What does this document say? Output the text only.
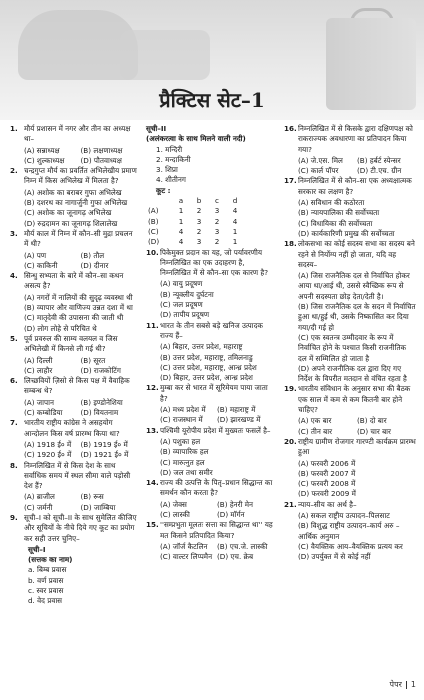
प्रैक्टिस सेट–1
1. मौर्य प्रशासन में नगर और तीन का अध्यक्ष था–
(A) सन्नाध्यक्ष	(B) लक्षणाध्यक्ष
(C) शुल्काध्यक्ष	(D) पौतवाध्यक्ष
2. चन्द्रगुप्त मौर्य का प्रवर्तित अभिलेखीय प्रमाण निम्न में किस अभिलेख में मिलता है?
(A) अशोक का बराबर गुफा अभिलेख
(B) दशरथ का नागार्जुनी गुफा अभिलेख
(C) अशोक का जूनागढ़ अभिलेख
(D) रुद्रदामन का जूनागढ़ शिलालेख
3. मौर्य काल में निम्न में कौन–सी मुद्रा प्रचलन में थी?
(A) पण	(B) तौल
(C) काकिनी	(D) दीनार
4. सिन्धु सभ्यता के बारे में कौन–सा कथन असत्य है?
(A) नगरों में नालियों की सुदृढ़ व्यवस्था थी
(B) व्यापार और वाणिज्य उन्नत दशा में था
(C) मातृदेवी की उपासना की जाती थी
(D) लोग लोहे से परिचित थे
5. पूर्व प्रवरुल की साम्य वलयल व जिस अभिलेखी में किनसे ली गई थी?
(A) दिल्ली	(B) सूरत
(C) लाहौर	(D) राजकोटिंग
6. लिच्छवियों ज़िसो से किस पक्ष में वैवाहिक सम्बन्ध थे?
(A) जापान	(B) इण्डोनेशिया
(C) कम्बोडिया	(D) वियतनाम
7. भारतीय राष्ट्रीय कांग्रेस ने असहयोग आन्दोलन किस वर्ष प्रारम्भ किया था?
(A) 1918 ई० में	(B) 1919 ई० में
(C) 1920 ई० में	(D) 1921 ई० में
8. निम्नलिखित में से किस देश के साथ सर्वाधिक समय में स्थल सीमा वाले पड़ोसी देश हैं?
(A) ब्राजील	(B) रूस
(C) जर्मनी	(D) जाम्बिया
9. सूची–I को सूची–II के साथ सुमेलित कीजिए और सूचियों के नीचे दिये गए कूट का प्रयोग कर सही उत्तर चुनिए–
सूची–I
(सत्तक का नाम)
a. बिम्ब प्रवास
b. वर्ण प्रवास
c. स्वर प्रवास
d. वेद प्रवास
सूची–II
(अलंकरत्वा के साथ मिलने वाली नदी)
1. मन्दिरी
2. मन्दाकिनी
3. शिप्रा
4. शीतीनग
कूट :
a	b	c	d
(A)	1	2	3	4
(B)	1	3	2	4
(C)	4	2	3	1
(D)	4	3	2	1
10. पिकेमुक्त प्रदान का यह, जो पर्यावरणीय निम्नलिखित का एक उदाहरण है, निम्नलिखित में से कौन–सा एक कारण है?
(A) वायु प्रदूषण
(B) न्यूक्लीय दुर्घटना
(C) जल प्रदूषण
(D) तापीय प्रदूषण
11. भारत के तीन सबसे बड़े खनिज उत्पादक राज्य हैं–
(A) बिहार, उत्तर प्रदेश, महाराष्ट्र
(B) उत्तर प्रदेश, महाराष्ट्र, तमिलनाडु
(C) उत्तर प्रदेश, महाराष्ट्र, आन्ध्र प्रदेश
(D) बिहार, उत्तर प्रदेश, आन्ध्र प्रदेश
12. मुम्बा कर से भारत में सूरिमेयम पाया जाता है?
(A) मध्य प्रदेश में	(B) महाराष्ट्र में
(C) राजस्थान में	(D) झारखण्ड में
13. पश्चिमी यूरोपीय प्रदेश में मुख्यतः फसलें है–
(A) पशुका हल
(B) व्यापारिक हल
(C) मारुत्नुत हल
(D) जल तथा समीर
14. राज्य की उत्पत्ति के पितृ–प्रधान सिद्धान्त का समर्थन कौन करता है?
(A) जेक्स	(B) हेनरी मेन
(C) लास्की	(D) मॉर्गन
15. ''सम्प्रभुता मूलतः सत्ता का सिद्धान्त था'' यह मत किसने प्रतिपादित किया?
(A) जॉर्ज कैटलिन	(B) एच.जे. लास्की
(C) वाल्टर लिप्पमैन (D) एच. क्रेब
16. निम्नलिखित में से किसके द्वारा दक्षिणपक्ष को राकराज्यक अवधारणा का प्रतिपादन किया गया?
(A) जे.एस. मिल	(B) हर्बर्ट स्पेन्सर
(C) कार्ल पॉपर	(D) टी.एच. ग्रीन
17. निम्नलिखित में से कौन–सा एक अध्यक्षात्मक सरकार का लक्षण है?
(A) सविधान की कठोरता
(B) न्यायपालिका की सर्वोच्चता
(C) विधायिका की सर्वोच्चता
(D) कार्यकारिणी प्रमुख की सर्वोच्चता
18. लोकसभा का कोई सदस्य सभा का सदस्य बने रहने से निर्योग्य नहीं हो जाता, यदि वह सदस्य–
(A) जिस राजनैतिक दल से निर्वाचित होकर आया था/आई थी, उससे स्वैच्छिक रूप से अपनी सदस्यता छोड़ देता/देती है।
(B) जिस राजनैतिक दल के सदन में निर्वाचित हुआ था/हुई थी, उसके निष्कासित कर दिया गया/दी गई हो
(C) एक स्वतन्त्र उम्मीदवार के रूप में निर्वाचित होने के पश्चात किसी राजनीतिक दल में सम्मिलित हो जाता है
(D) अपने राजनीतिक दल द्वारा दिए गए निर्देश के विपरीत मतदान से वंचित रहता है
19. भारतीय संविधान के अनुसार सभा की बैठक एक साल में कम से कम कितनी बार होने चाहिए?
(A) एक बार	(B) दो बार
(C) तीन बार	(D) चार बार
20. राष्ट्रीय ग्रामीण रोजगार गारण्टी कार्यक्रम प्रारम्भ हुआ
(A) फरवरी 2006 में
(B) फरवरी 2007 में
(C) फरवरी 2008 में
(D) फरवरी 2009 में
21. न्याय–सीय का अर्थ है–
(A) सकल राष्ट्रीय उत्पादन–पिलसाट
(B) विशुद्ध राष्ट्रीय उत्पादन–कार्य अरु – आर्थिक अनुमान
(C) वैयक्तिक आय–वैयक्तिक प्रत्यय कर
(D) उपर्युक्त में से कोई नहीं
पेपर 1
